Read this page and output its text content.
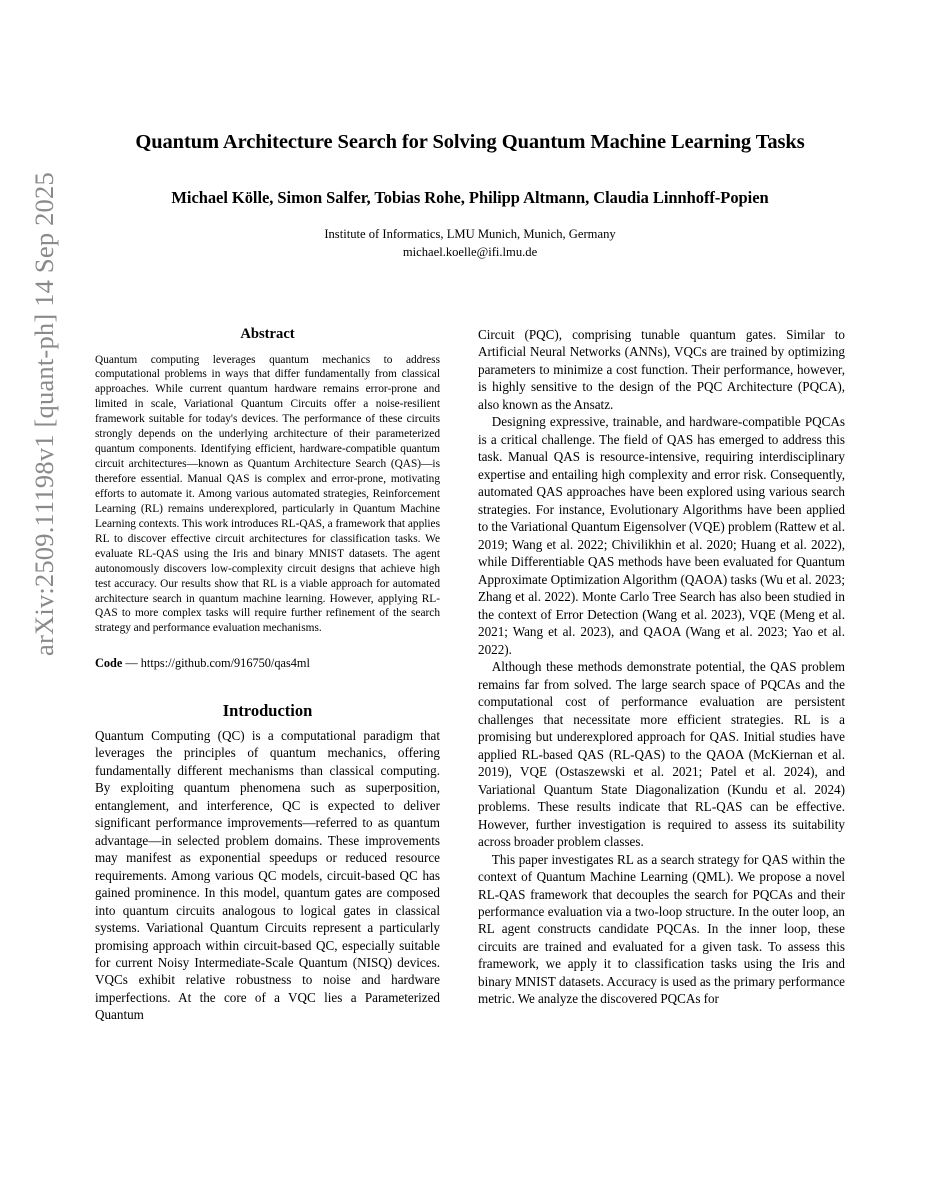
arXiv:2509.11198v1 [quant-ph] 14 Sep 2025
Quantum Architecture Search for Solving Quantum Machine Learning Tasks
Michael Kölle, Simon Salfer, Tobias Rohe, Philipp Altmann, Claudia Linnhoff-Popien
Institute of Informatics, LMU Munich, Munich, Germany
michael.koelle@ifi.lmu.de
Abstract

Quantum computing leverages quantum mechanics to address computational problems in ways that differ fundamentally from classical approaches. While current quantum hardware remains error-prone and limited in scale, Variational Quantum Circuits offer a noise-resilient framework suitable for today's devices. The performance of these circuits strongly depends on the underlying architecture of their parameterized quantum components. Identifying efficient, hardware-compatible quantum circuit architectures—known as Quantum Architecture Search (QAS)—is therefore essential. Manual QAS is complex and error-prone, motivating efforts to automate it. Among various automated strategies, Reinforcement Learning (RL) remains underexplored, particularly in Quantum Machine Learning contexts. This work introduces RL-QAS, a framework that applies RL to discover effective circuit architectures for classification tasks. We evaluate RL-QAS using the Iris and binary MNIST datasets. The agent autonomously discovers low-complexity circuit designs that achieve high test accuracy. Our results show that RL is a viable approach for automated architecture search in quantum machine learning. However, applying RL-QAS to more complex tasks will require further refinement of the search strategy and performance evaluation mechanisms.

Code — https://github.com/916750/qas4ml
Introduction

Quantum Computing (QC) is a computational paradigm that leverages the principles of quantum mechanics, offering fundamentally different mechanisms than classical computing. By exploiting quantum phenomena such as superposition, entanglement, and interference, QC is expected to deliver significant performance improvements—referred to as quantum advantage—in selected problem domains. These improvements may manifest as exponential speedups or reduced resource requirements. Among various QC models, circuit-based QC has gained prominence. In this model, quantum gates are composed into quantum circuits analogous to logical gates in classical systems. Variational Quantum Circuits represent a particularly promising approach within circuit-based QC, especially suitable for current Noisy Intermediate-Scale Quantum (NISQ) devices. VQCs exhibit relative robustness to noise and hardware imperfections. At the core of a VQC lies a Parameterized Quantum

Circuit (PQC), comprising tunable quantum gates. Similar to Artificial Neural Networks (ANNs), VQCs are trained by optimizing parameters to minimize a cost function. Their performance, however, is highly sensitive to the design of the PQC Architecture (PQCA), also known as the Ansatz.

Designing expressive, trainable, and hardware-compatible PQCAs is a critical challenge. The field of QAS has emerged to address this task. Manual QAS is resource-intensive, requiring interdisciplinary expertise and entailing high complexity and error risk. Consequently, automated QAS approaches have been explored using various search strategies. For instance, Evolutionary Algorithms have been applied to the Variational Quantum Eigensolver (VQE) problem (Rattew et al. 2019; Wang et al. 2022; Chivilikhin et al. 2020; Huang et al. 2022), while Differentiable QAS methods have been evaluated for Quantum Approximate Optimization Algorithm (QAOA) tasks (Wu et al. 2023; Zhang et al. 2022). Monte Carlo Tree Search has also been studied in the context of Error Detection (Wang et al. 2023), VQE (Meng et al. 2021; Wang et al. 2023), and QAOA (Wang et al. 2023; Yao et al. 2022).

Although these methods demonstrate potential, the QAS problem remains far from solved. The large search space of PQCAs and the computational cost of performance evaluation are persistent challenges that necessitate more efficient strategies. RL is a promising but underexplored approach for QAS. Initial studies have applied RL-based QAS (RL-QAS) to the QAOA (McKiernan et al. 2019), VQE (Ostaszewski et al. 2021; Patel et al. 2024), and Variational Quantum State Diagonalization (Kundu et al. 2024) problems. These results indicate that RL-QAS can be effective. However, further investigation is required to assess its suitability across broader problem classes.

This paper investigates RL as a search strategy for QAS within the context of Quantum Machine Learning (QML). We propose a novel RL-QAS framework that decouples the search for PQCAs and their performance evaluation via a two-loop structure. In the outer loop, an RL agent constructs candidate PQCAs. In the inner loop, these circuits are trained and evaluated for a given task. To assess this framework, we apply it to classification tasks using the Iris and binary MNIST datasets. Accuracy is used as the primary performance metric. We analyze the discovered PQCAs for
